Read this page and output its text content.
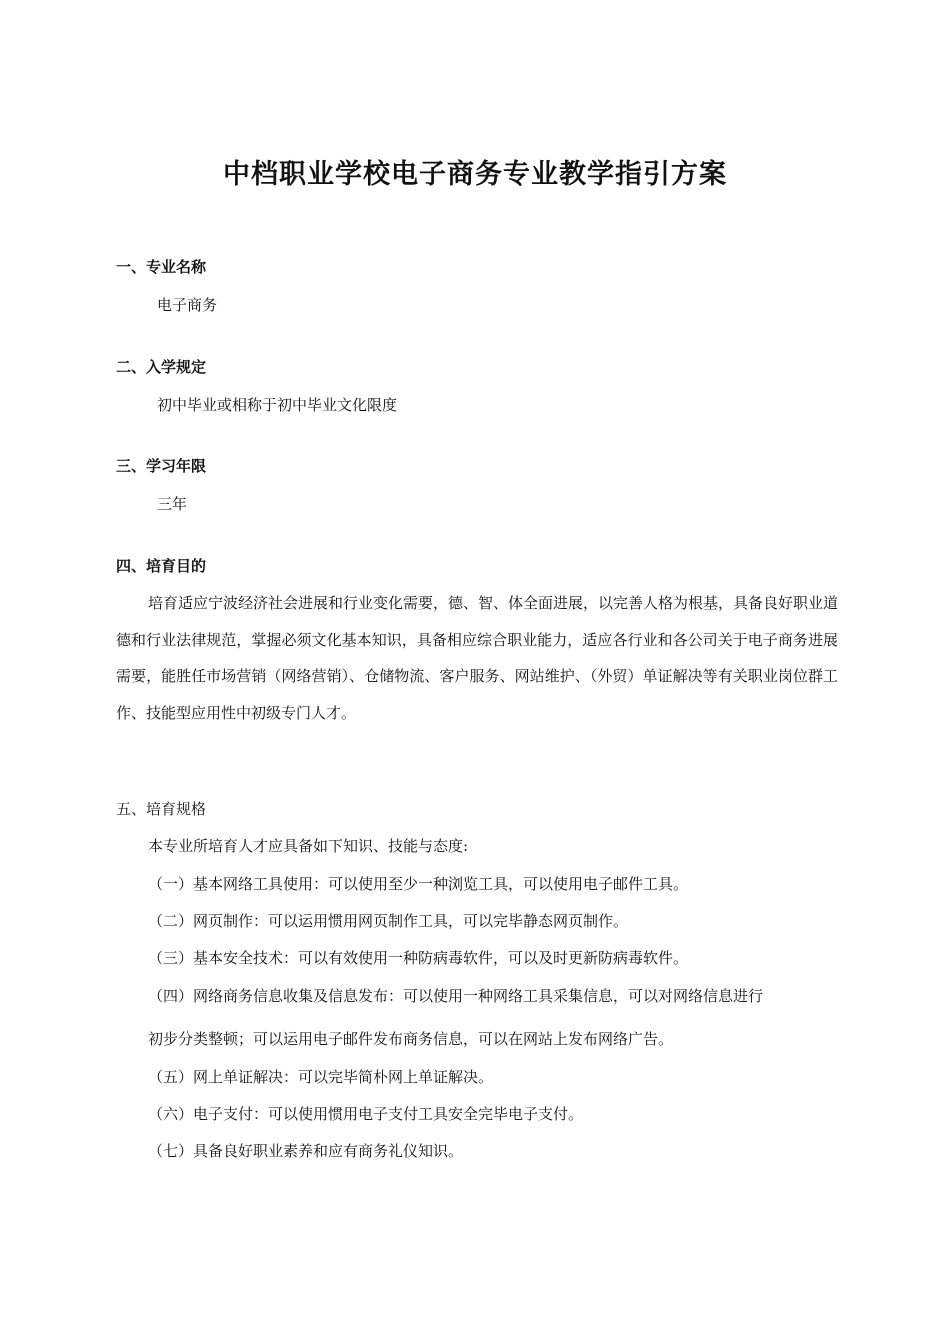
中档职业学校电子商务专业教学指引方案
一、专业名称
电子商务
二、入学规定
初中毕业或相称于初中毕业文化限度
三、学习年限
三年
四、培育目的
培育适应宁波经济社会进展和行业变化需要，德、智、体全面进展，以完善人格为根基，具备良好职业道德和行业法律规范，掌握必须文化基本知识，具备相应综合职业能力，适应各行业和各公司关于电子商务进展需要，能胜任市场营销（网络营销）、仓储物流、客户服务、网站维护、（外贸）单证解决等有关职业岗位群工作、技能型应用性中初级专门人才。
五、培育规格
本专业所培育人才应具备如下知识、技能与态度:
（一）基本网络工具使用：可以使用至少一种浏览工具，可以使用电子邮件工具。
（二）网页制作：可以运用惯用网页制作工具，可以完毕静态网页制作。
（三）基本安全技术：可以有效使用一种防病毒软件，可以及时更新防病毒软件。
（四）网络商务信息收集及信息发布：可以使用一种网络工具采集信息，可以对网络信息进行
初步分类整顿；可以运用电子邮件发布商务信息，可以在网站上发布网络广告。
（五）网上单证解决：可以完毕简朴网上单证解决。
（六）电子支付：可以使用惯用电子支付工具安全完毕电子支付。
（七）具备良好职业素养和应有商务礼仪知识。
